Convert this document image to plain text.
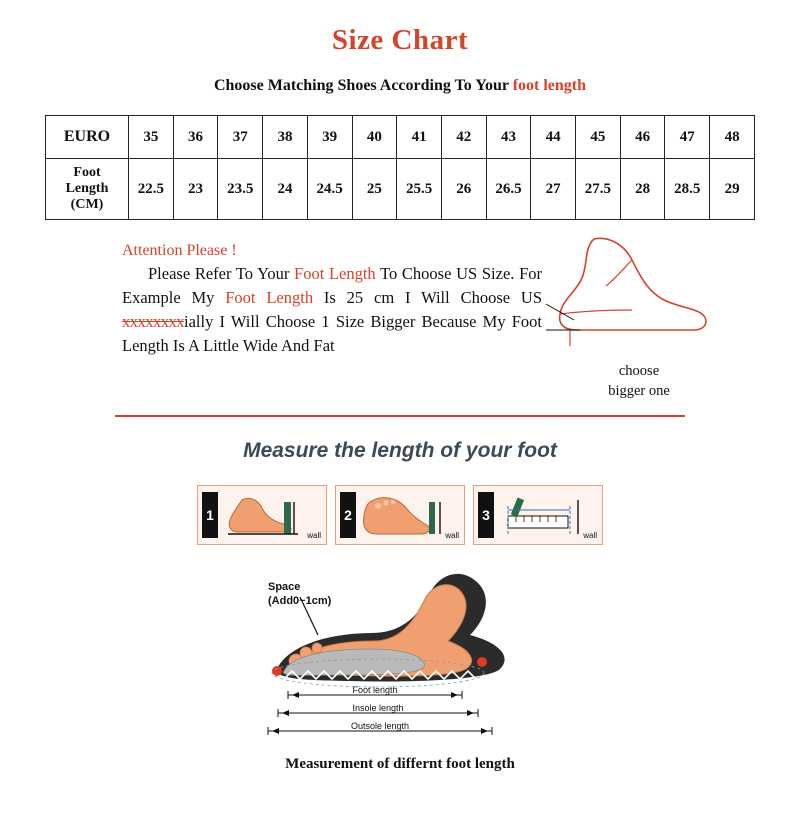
Size Chart
Choose Matching Shoes According To Your foot length
EURO	35	36	37	38	39	40	41	42	43	44	45	46	47	48

Foot
Length
(CM)	22.5	23	23.5	24	24.5	25	25.5	26	26.5	27	27.5	28	28.5	29
Attention Please !
Please Refer To Your Foot Length To Choose US Size. For Example My Foot Length Is 25 cm I Will Choose US xxxxxxxxially I Will Choose 1 Size Bigger Because My Foot Length Is A Little Wide And Fat
choose
bigger one
Measure the length of your foot
1
wall
2
wall
3
wall
Space
(Add0~1cm)
Foot length
Insole length
Outsole length
Measurement of differnt foot length
